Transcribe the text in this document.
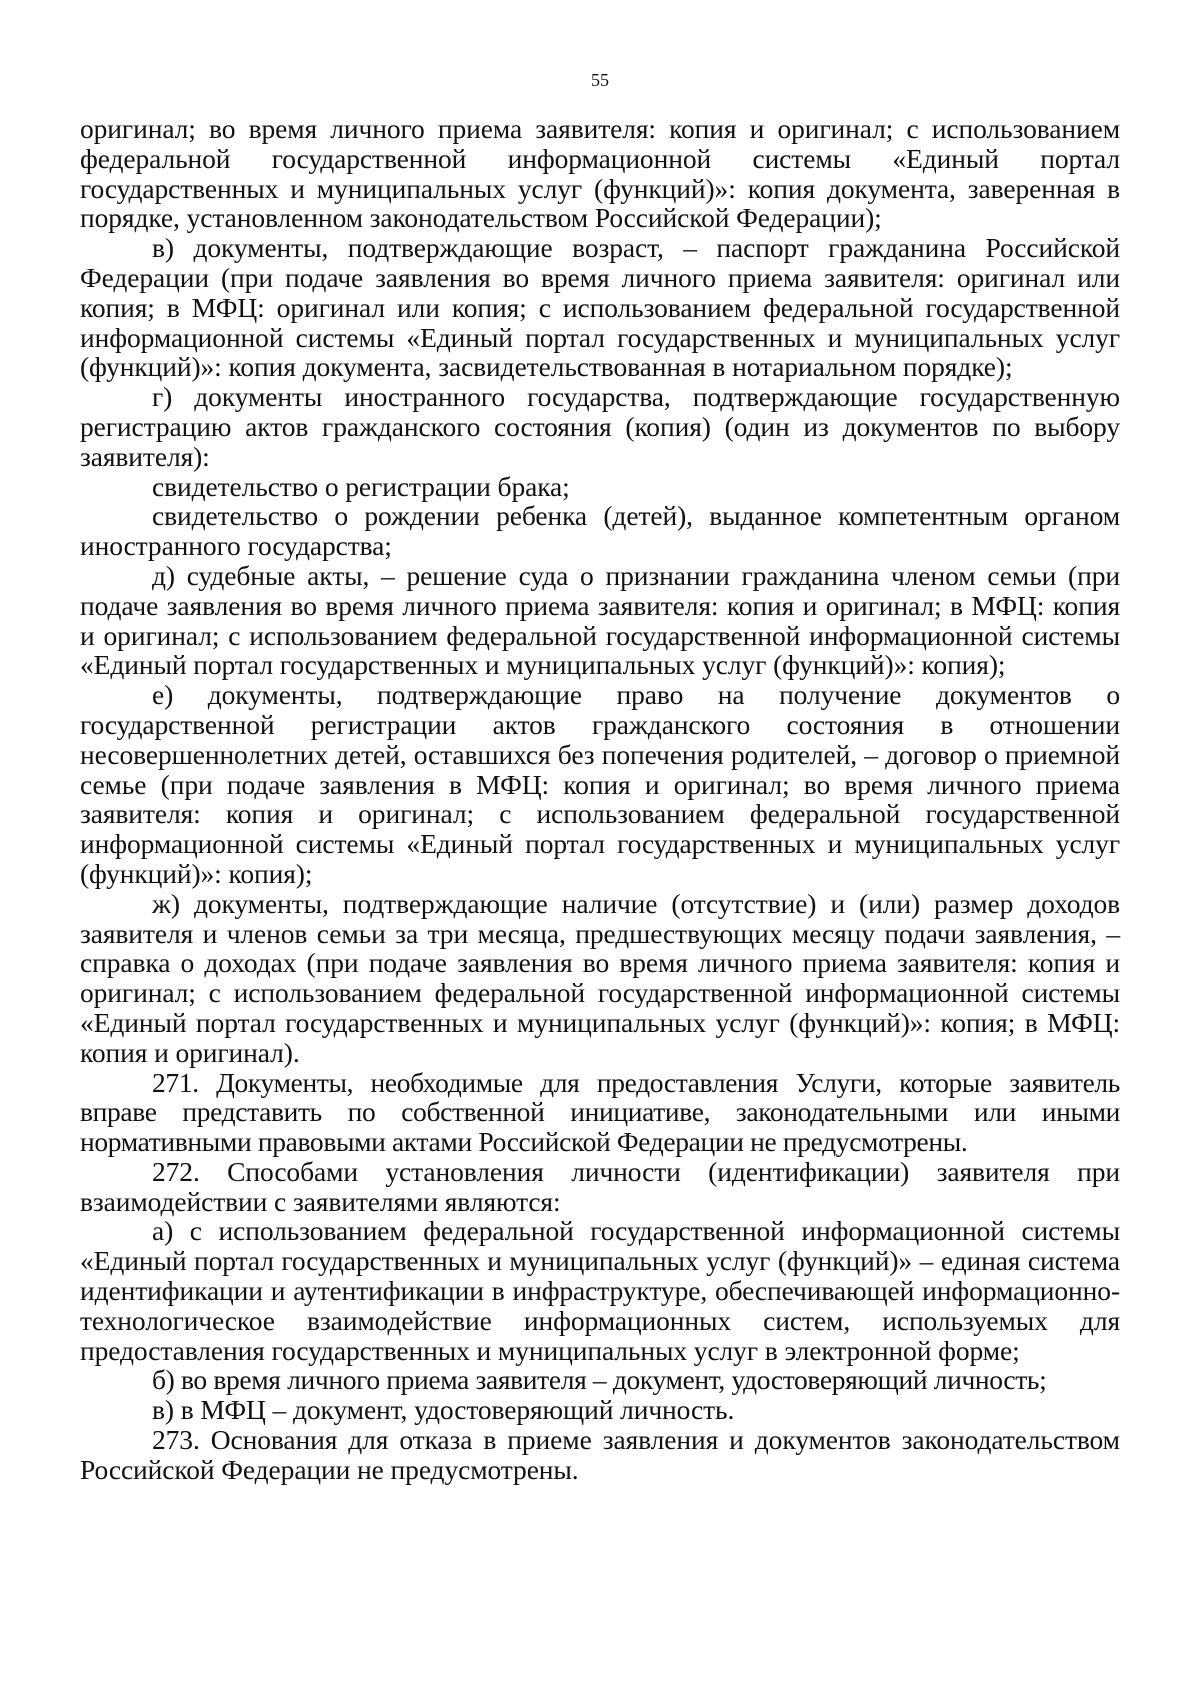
55

оригинал; во время личного приема заявителя: копия и оригинал; с использованием федеральной государственной информационной системы «Единый портал государственных и муниципальных услуг (функций)»: копия документа, заверенная в порядке, установленном законодательством Российской Федерации);

в) документы, подтверждающие возраст, – паспорт гражданина Российской Федерации (при подаче заявления во время личного приема заявителя: оригинал или копия; в МФЦ: оригинал или копия; с использованием федеральной государственной информационной системы «Единый портал государственных и муниципальных услуг (функций)»: копия документа, засвидетельствованная в нотариальном порядке);

г) документы иностранного государства, подтверждающие государственную регистрацию актов гражданского состояния (копия) (один из документов по выбору заявителя):

свидетельство о регистрации брака;

свидетельство о рождении ребенка (детей), выданное компетентным органом иностранного государства;

д) судебные акты, – решение суда о признании гражданина членом семьи (при подаче заявления во время личного приема заявителя: копия и оригинал; в МФЦ: копия и оригинал; с использованием федеральной государственной информационной системы «Единый портал государственных и муниципальных услуг (функций)»: копия);

е) документы, подтверждающие право на получение документов о государственной регистрации актов гражданского состояния в отношении несовершеннолетних детей, оставшихся без попечения родителей, – договор о приемной семье (при подаче заявления в МФЦ: копия и оригинал; во время личного приема заявителя: копия и оригинал; с использованием федеральной государственной информационной системы «Единый портал государственных и муниципальных услуг (функций)»: копия);

ж) документы, подтверждающие наличие (отсутствие) и (или) размер доходов заявителя и членов семьи за три месяца, предшествующих месяцу подачи заявления, – справка о доходах (при подаче заявления во время личного приема заявителя: копия и оригинал; с использованием федеральной государственной информационной системы «Единый портал государственных и муниципальных услуг (функций)»: копия; в МФЦ: копия и оригинал).

271. Документы, необходимые для предоставления Услуги, которые заявитель вправе представить по собственной инициативе, законодательными или иными нормативными правовыми актами Российской Федерации не предусмотрены.

272. Способами установления личности (идентификации) заявителя при взаимодействии с заявителями являются:

а) с использованием федеральной государственной информационной системы «Единый портал государственных и муниципальных услуг (функций)» – единая система идентификации и аутентификации в инфраструктуре, обеспечивающей информационно-технологическое взаимодействие информационных систем, используемых для предоставления государственных и муниципальных услуг в электронной форме;

б) во время личного приема заявителя – документ, удостоверяющий личность;

в) в МФЦ – документ, удостоверяющий личность.

273. Основания для отказа в приеме заявления и документов законодательством Российской Федерации не предусмотрены.
